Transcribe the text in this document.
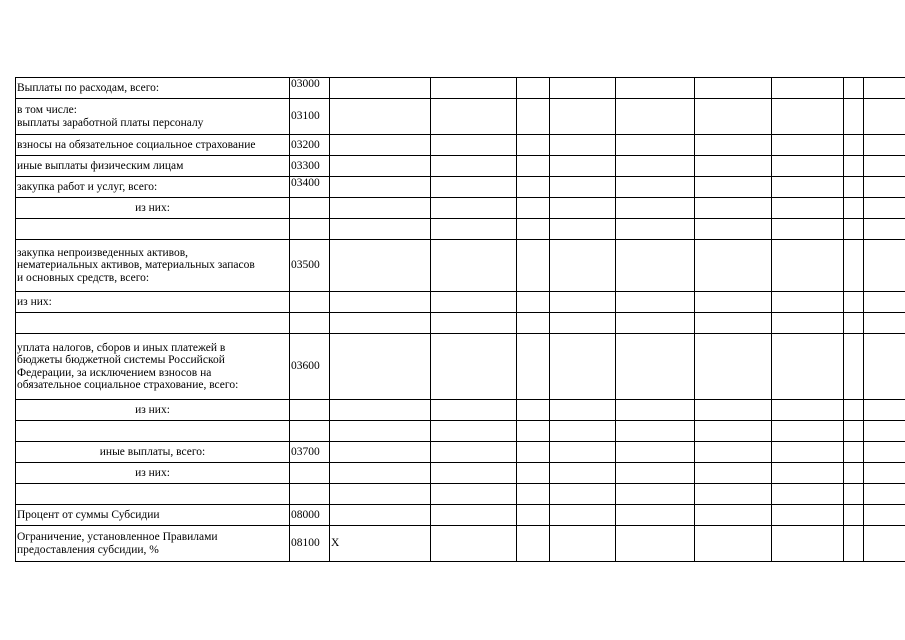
Выплаты по расходам, всего:	03000									

в том числе:
выплаты заработной платы персоналу	03100									
взносы на обязательное социальное страхование	03200									
иные выплаты физическим лицам	03300									
закупка работ и услуг, всего:	03400									
из них:										

закупка непроизведенных активов,
нематериальных активов, материальных запасов
и основных средств, всего:	03500									
из них:										

уплата налогов, сборов и иных платежей в
бюджеты бюджетной системы Российской
Федерации, за исключением взносов на
обязательное социальное страхование, всего:	03600									
из них:										

иные выплаты, всего:	03700									
из них:										

Процент от суммы Субсидии	08000									

Ограничение, установленное Правилами
предоставления субсидии, %	08100	X								
